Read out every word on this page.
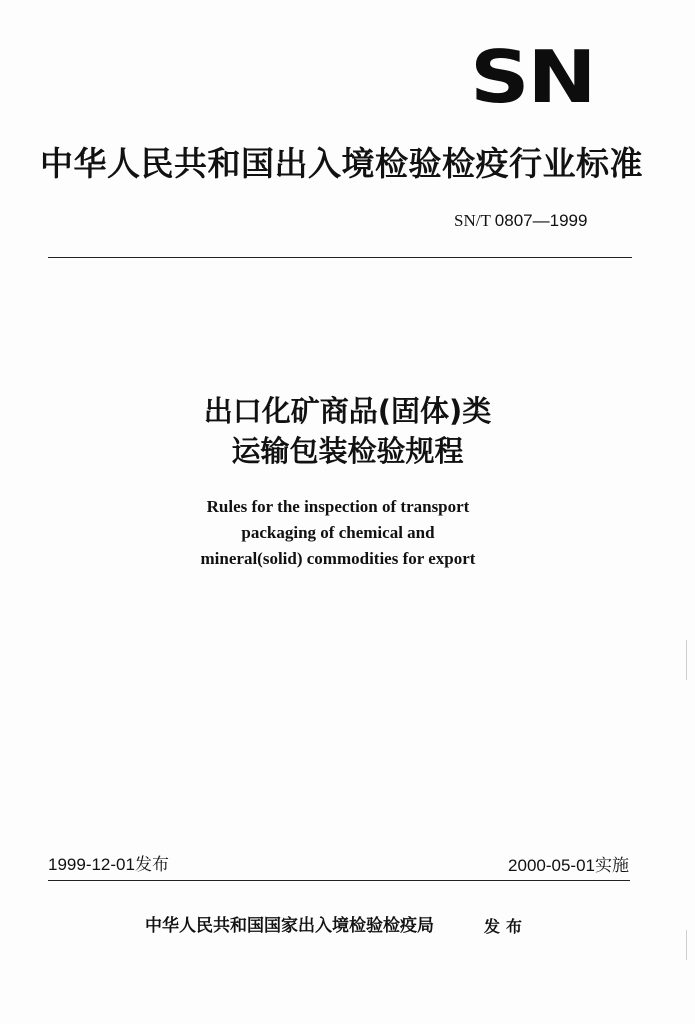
SN
中华人民共和国出入境检验检疫行业标准
SN/T 0807—1999
出口化矿商品(固体)类
运输包装检验规程
Rules for the inspection of transport
packaging of chemical and
mineral(solid) commodities for export
1999-12-01发布	2000-05-01实施
中华人民共和国国家出入境检验检疫局	发布
